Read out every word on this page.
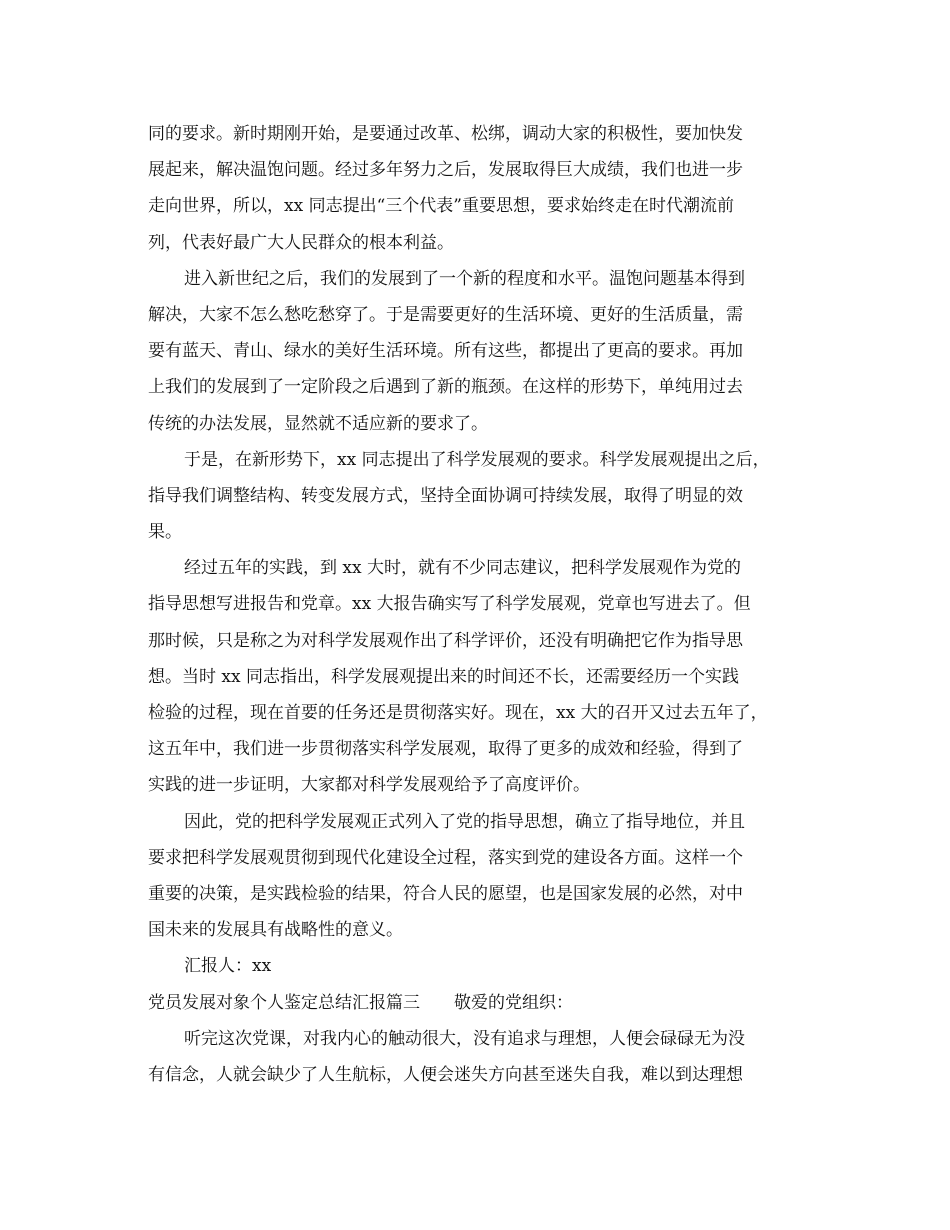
同的要求。新时期刚开始，是要通过改革、松绑，调动大家的积极性，要加快发
展起来，解决温饱问题。经过多年努力之后，发展取得巨大成绩，我们也进一步
走向世界，所以，xx 同志提出“三个代表”重要思想，要求始终走在时代潮流前
列，代表好最广大人民群众的根本利益。
进入新世纪之后，我们的发展到了一个新的程度和水平。温饱问题基本得到
解决，大家不怎么愁吃愁穿了。于是需要更好的生活环境、更好的生活质量，需
要有蓝天、青山、绿水的美好生活环境。所有这些，都提出了更高的要求。再加
上我们的发展到了一定阶段之后遇到了新的瓶颈。在这样的形势下，单纯用过去
传统的办法发展，显然就不适应新的要求了。
于是，在新形势下，xx 同志提出了科学发展观的要求。科学发展观提出之后，
指导我们调整结构、转变发展方式，坚持全面协调可持续发展，取得了明显的效
果。
经过五年的实践，到 xx 大时，就有不少同志建议，把科学发展观作为党的
指导思想写进报告和党章。xx 大报告确实写了科学发展观，党章也写进去了。但
那时候，只是称之为对科学发展观作出了科学评价，还没有明确把它作为指导思
想。当时 xx 同志指出，科学发展观提出来的时间还不长，还需要经历一个实践
检验的过程，现在首要的任务还是贯彻落实好。现在，xx 大的召开又过去五年了，
这五年中，我们进一步贯彻落实科学发展观，取得了更多的成效和经验，得到了
实践的进一步证明，大家都对科学发展观给予了高度评价。
因此，党的把科学发展观正式列入了党的指导思想，确立了指导地位，并且
要求把科学发展观贯彻到现代化建设全过程，落实到党的建设各方面。这样一个
重要的决策，是实践检验的结果，符合人民的愿望，也是国家发展的必然，对中
国未来的发展具有战略性的意义。
汇报人：xx
党员发展对象个人鉴定总结汇报篇三　　敬爱的党组织：
听完这次党课，对我内心的触动很大，没有追求与理想，人便会碌碌无为没
有信念，人就会缺少了人生航标，人便会迷失方向甚至迷失自我，难以到达理想
